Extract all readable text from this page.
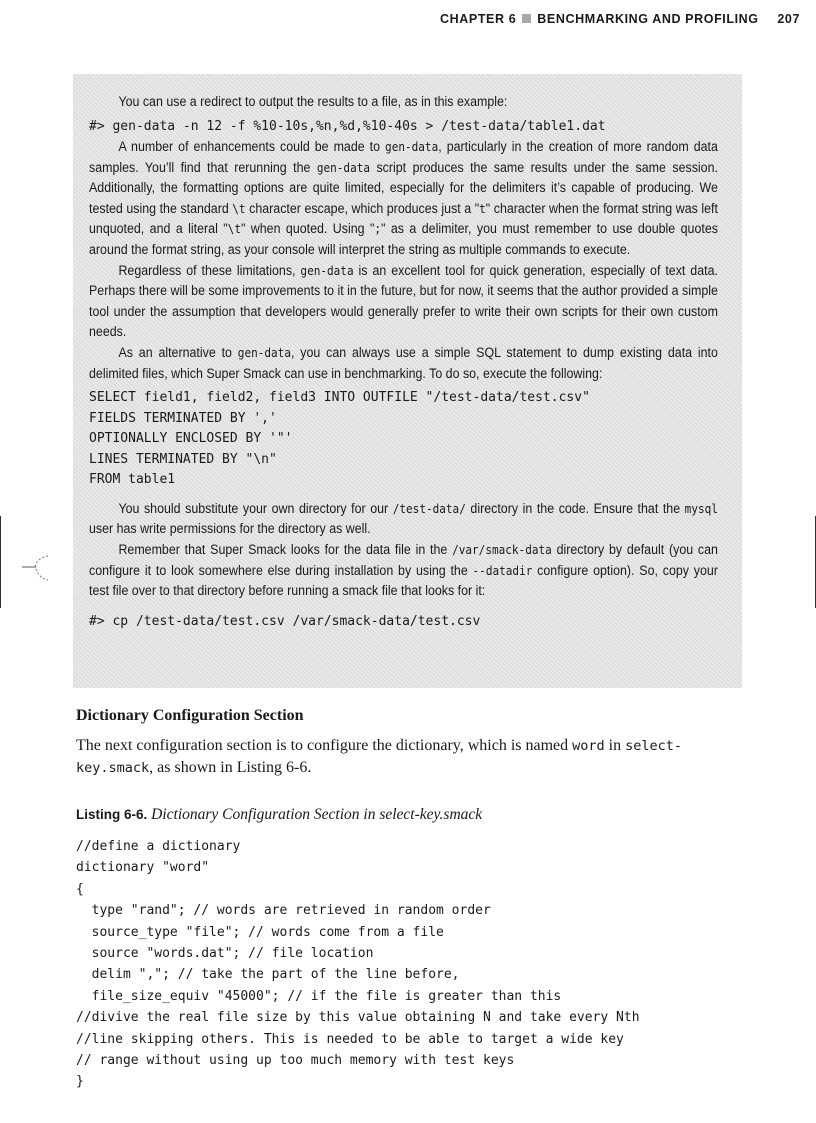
CHAPTER 6 BENCHMARKING AND PROFILING 207

You can use a redirect to output the results to a file, as in this example:

#> gen-data -n 12 -f %10-10s,%n,%d,%10-40s > /test-data/table1.dat

A number of enhancements could be made to gen-data, particularly in the creation of more random data samples. You’ll find that rerunning the gen-data script produces the same results under the same session. Additionally, the formatting options are quite limited, especially for the delimiters it’s capable of producing. We tested using the standard \t character escape, which produces just a "t" character when the format string was left unquoted, and a literal "\t" when quoted. Using ";" as a delimiter, you must remember to use double quotes around the format string, as your console will interpret the string as multiple commands to execute.

Regardless of these limitations, gen-data is an excellent tool for quick generation, especially of text data. Perhaps there will be some improvements to it in the future, but for now, it seems that the author provided a simple tool under the assumption that developers would generally prefer to write their own scripts for their own custom needs.

As an alternative to gen-data, you can always use a simple SQL statement to dump existing data into delimited files, which Super Smack can use in benchmarking. To do so, execute the following:

SELECT field1, field2, field3 INTO OUTFILE "/test-data/test.csv"
FIELDS TERMINATED BY ','
OPTIONALLY ENCLOSED BY '"'
LINES TERMINATED BY "\n"
FROM table1

You should substitute your own directory for our /test-data/ directory in the code. Ensure that the mysql user has write permissions for the directory as well.

Remember that Super Smack looks for the data file in the /var/smack-data directory by default (you can configure it to look somewhere else during installation by using the --datadir configure option). So, copy your test file over to that directory before running a smack file that looks for it:

#> cp /test-data/test.csv /var/smack-data/test.csv
Dictionary Configuration Section

The next configuration section is to configure the dictionary, which is named word in select-key.smack, as shown in Listing 6-6.

Listing 6-6. Dictionary Configuration Section in select-key.smack

//define a dictionary
dictionary "word"
{
type "rand"; // words are retrieved in random order
source_type "file"; // words come from a file
source "words.dat"; // file location
delim ","; // take the part of the line before,
file_size_equiv "45000"; // if the file is greater than this
//divive the real file size by this value obtaining N and take every Nth
//line skipping others. This is needed to be able to target a wide key
// range without using up too much memory with test keys
}
